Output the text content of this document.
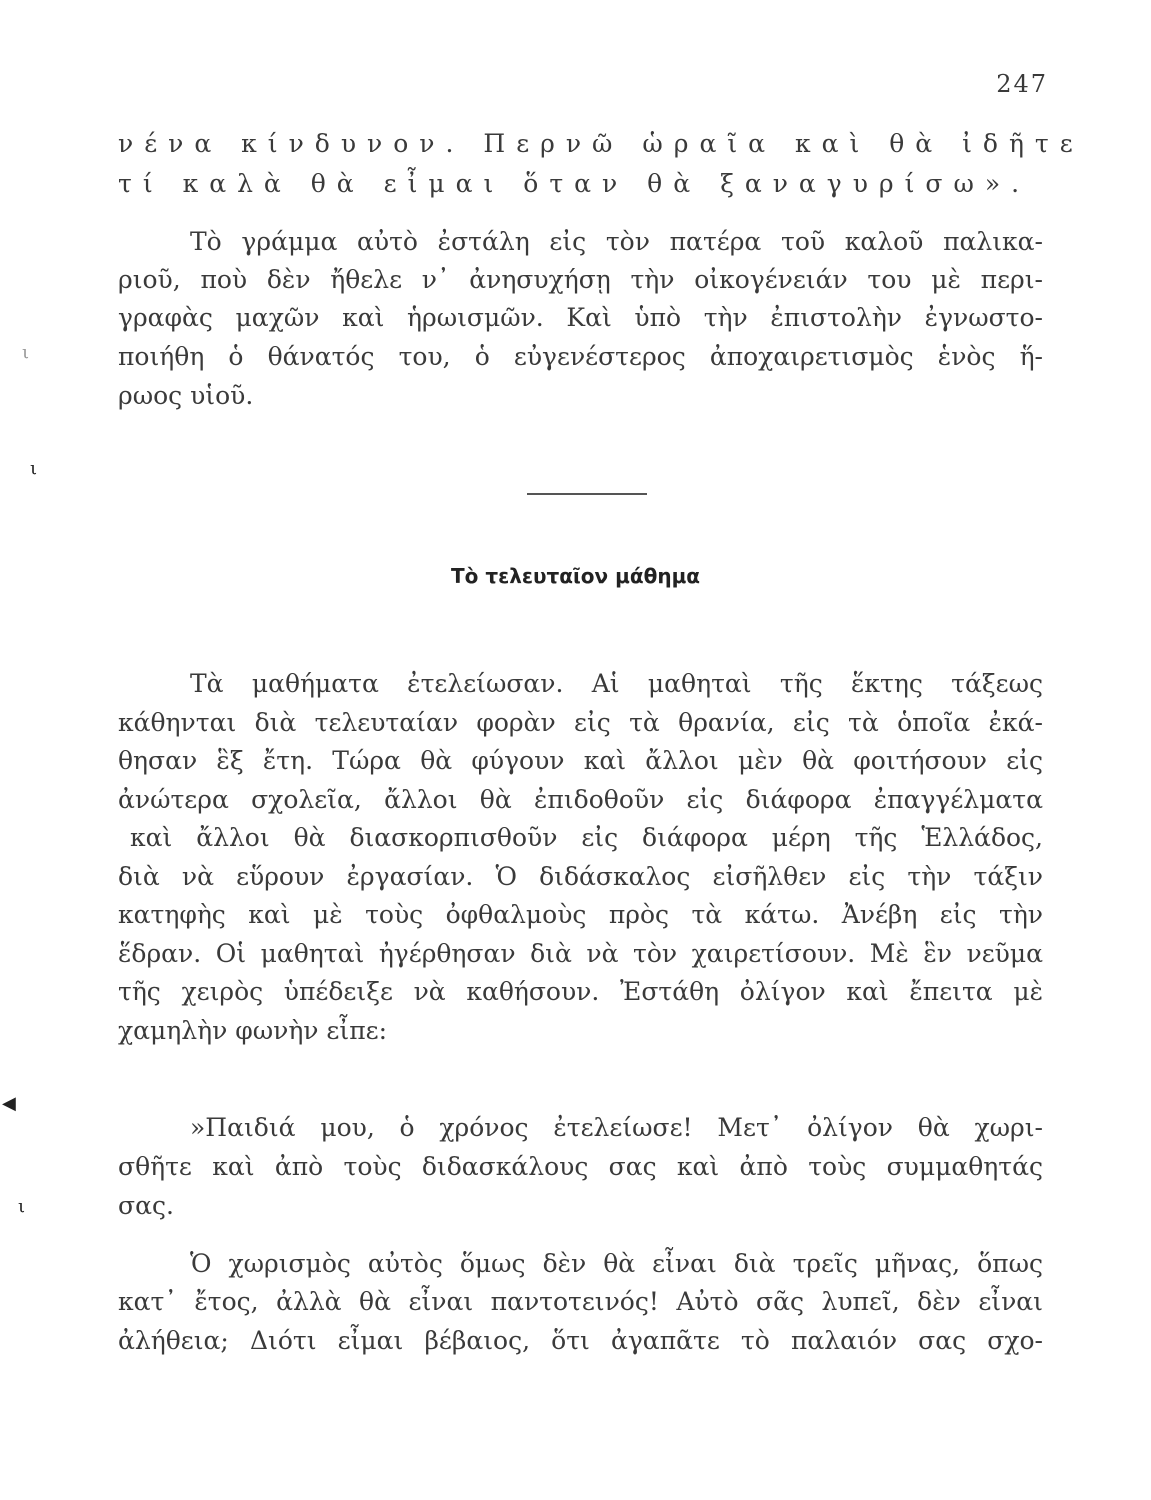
247
νένα κίνδυνον. Περνῶ ὡραῖα καὶ θὰ ἰδῆτε
τί καλὰ θὰ εἶμαι ὅταν θὰ ξαναγυρίσω».
Τὸ γράμμα αὐτὸ ἐστάλη εἰς τὸν πατέρα τοῦ καλοῦ παλικα-
ριοῦ, ποὺ δὲν ἤθελε ν᾽ ἀνησυχήσῃ τὴν οἰκογένειάν του μὲ περι-
γραφὰς μαχῶν καὶ ἡρωισμῶν. Καὶ ὑπὸ τὴν ἐπιστολὴν ἐγνωστο-
ποιήθη ὁ θάνατός του, ὁ εὐγενέστερος ἀποχαιρετισμὸς ἑνὸς ἥ-
ρωος υἱοῦ.
Τὸ τελευταῖον μάθημα
Τὰ μαθήματα ἐτελείωσαν. Αἱ μαθηταὶ τῆς ἕκτης τάξεως
κάθηνται διὰ τελευταίαν φορὰν εἰς τὰ θρανία, εἰς τὰ ὁποῖα ἐκά-
θησαν ἓξ ἔτη. Τώρα θὰ φύγουν καὶ ἄλλοι μὲν θὰ φοιτήσουν εἰς
ἀνώτερα σχολεῖα, ἄλλοι θὰ ἐπιδοθοῦν εἰς διάφορα ἐπαγγέλματα
καὶ ἄλλοι θὰ διασκορπισθοῦν εἰς διάφορα μέρη τῆς Ἑλλάδος,
διὰ νὰ εὕρουν ἐργασίαν. Ὁ διδάσκαλος εἰσῆλθεν εἰς τὴν τάξιν
κατηφὴς καὶ μὲ τοὺς ὀφθαλμοὺς πρὸς τὰ κάτω. Ἀνέβη εἰς τὴν
ἕδραν. Οἱ μαθηταὶ ἠγέρθησαν διὰ νὰ τὸν χαιρετίσουν. Μὲ ἓν νεῦμα
τῆς χειρὸς ὑπέδειξε νὰ καθήσουν. Ἐστάθη ὀλίγον καὶ ἔπειτα μὲ
χαμηλὴν φωνὴν εἶπε:
»Παιδιά μου, ὁ χρόνος ἐτελείωσε! Μετ᾽ ὀλίγον θὰ χωρι-
σθῆτε καὶ ἀπὸ τοὺς διδασκάλους σας καὶ ἀπὸ τοὺς συμμαθητάς
σας.
Ὁ χωρισμὸς αὐτὸς ὅμως δὲν θὰ εἶναι διὰ τρεῖς μῆνας, ὅπως
κατ᾽ ἔτος, ἀλλὰ θὰ εἶναι παντοτεινός! Αὐτὸ σᾶς λυπεῖ, δὲν εἶναι
ἀλήθεια; Διότι εἶμαι βέβαιος, ὅτι ἀγαπᾶτε τὸ παλαιόν σας σχο-
ι
ι
◀
ι
